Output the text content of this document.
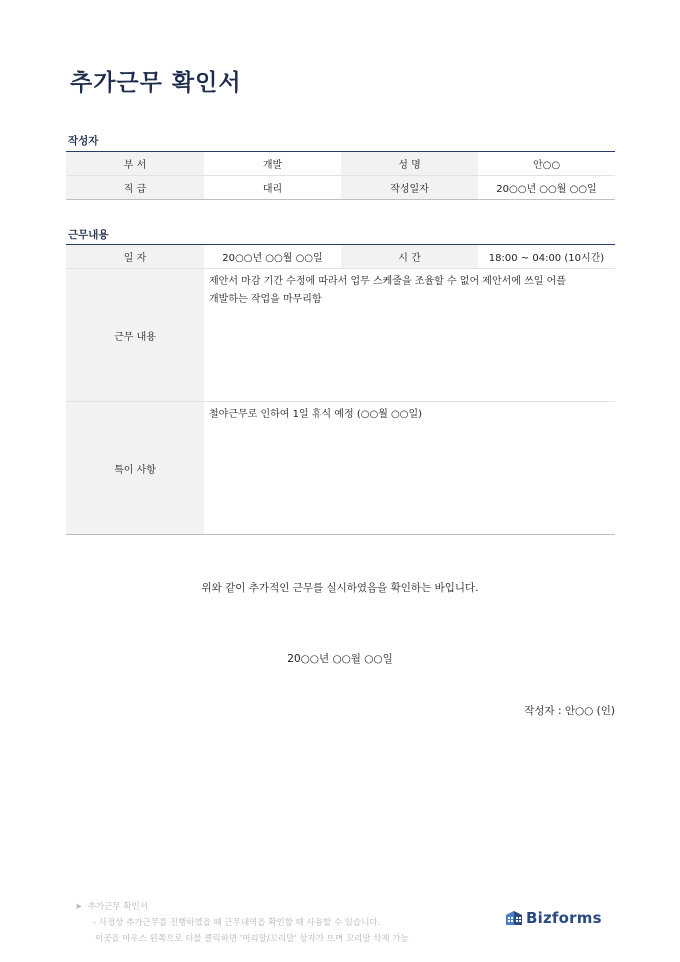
추가근무 확인서
작성자
부 서	개발	성 명	안○○
직 급	대리	작성일자	20○○년 ○○월 ○○일
근무내용
일 자	20○○년 ○○월 ○○일	시 간	18:00 ~ 04:00 (10시간)
근무 내용	제안서 마감 기간 수정에 따라서 업무 스케줄을 조율할 수 없어 제안서에 쓰일 어플
개발하는 작업을 마무리함		

특이 사항	철야근무로 인하여 1일 휴식 예정 (○○월 ○○일)		
위와 같이 추가적인 근무를 실시하였음을 확인하는 바입니다.
20○○년 ○○월 ○○일
작성자 : 안○○ (인)
➤ 추가근무 확인서
- 사정상 추가근무를 진행하였을 때 근무내역을 확인할 때 사용할 수 있습니다.
이곳을 마우스 왼쪽으로 더블 클릭하면 '머리말/꼬리말' 상자가 뜨며 꼬리말 삭제 가능
Bizforms
